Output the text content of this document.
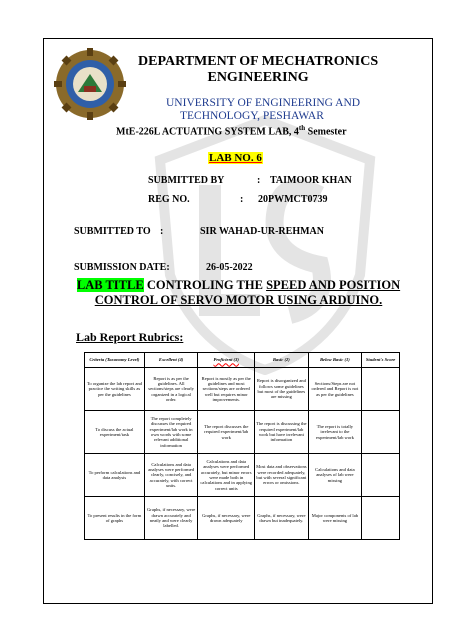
DEPARTMENT OF MECHATRONICS
ENGINEERING
UNIVERSITY OF ENGINEERING AND
TECHNOLOGY, PESHAWAR
MtE-226L ACTUATING SYSTEM LAB, 4th Semester
LAB NO. 6
SUBMITTED BY	: TAIMOOR KHAN
REG NO.	: 20PWMCT0739
SUBMITTED TO :	SIR WAHAD-UR-REHMAN
SUBMISSION DATE:	26-05-2022
LAB TITLE CONTROLING THE SPEED AND POSITION CONTROL OF SERVO MOTOR USING ARDUINO.
Lab Report Rubrics:
Criteria (Taxonomy Level)	Excellent (4)	Proficient (3)	Basic (2)	Below Basic (1)	Student's Score
To organize the lab report and practice the writing skills as per the guidelines	Report is as per the guidelines. All sections/steps are clearly organized in a logical order.	Report is mostly as per the guidelines and most sections/steps are ordered well but requires minor improvements.	Report is disorganized and follows some guidelines but most of the guidelines are missing	Sections/Steps are not ordered and Report is not as per the guidelines	
To discuss the actual experiment/task	The report completely discusses the required experiment/lab work in own words with some relevant additional information	The report discusses the required experiment/lab work	The report is discussing the required experiment/lab work but have irrelevant information	The report is totally irrelevant to the experiment/lab work	
To perform calculations and data analysis	Calculations and data analyses were performed clearly, concisely, and accurately, with correct units.	Calculations and data analyses were performed accurately, but minor errors were made both in calculations and in applying correct units	Most data and observations were recorded adequately, but with several significant errors or omissions.	Calculations and data analyses of lab were missing	
To present results in the form of graphs	Graphs, if necessary, were drawn accurately and neatly and were clearly labelled.	Graphs, if necessary, were drawn adequately	Graphs, if necessary, were drawn but inadequately.	Major components of lab were missing	
